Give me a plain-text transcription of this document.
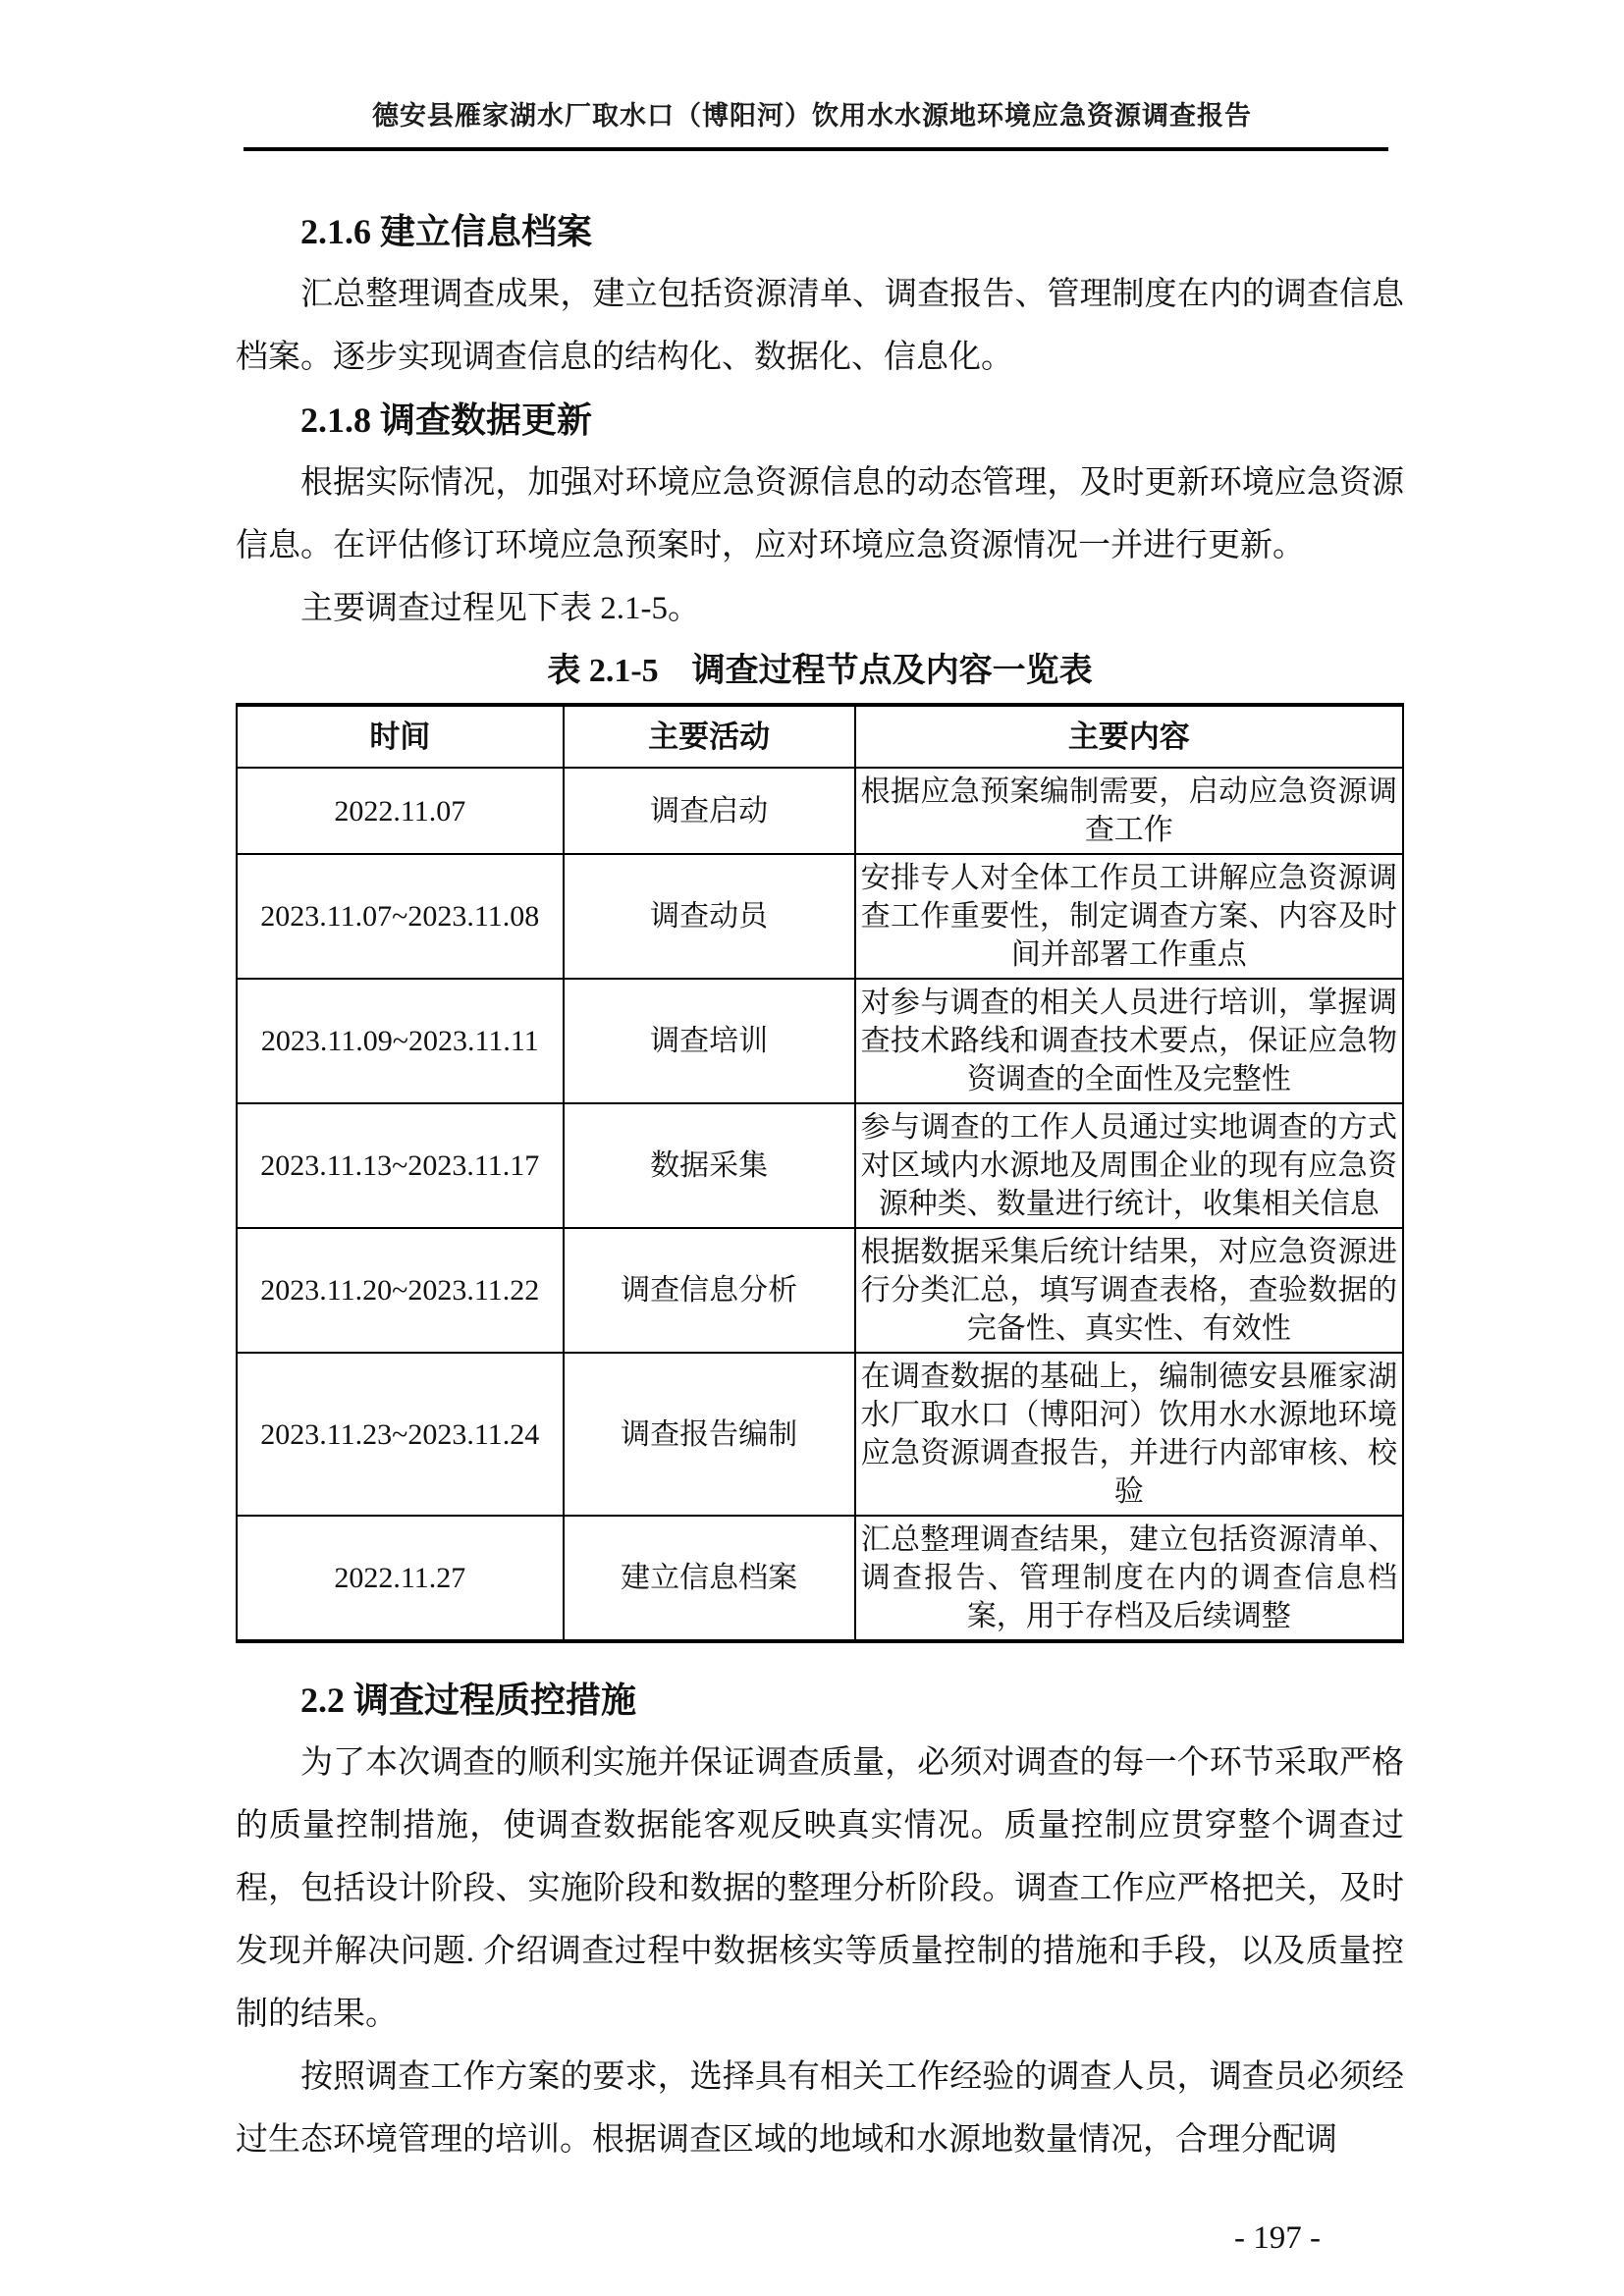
德安县雁家湖水厂取水口（博阳河）饮用水水源地环境应急资源调查报告
2.1.6 建立信息档案

汇总整理调查成果，建立包括资源清单、调查报告、管理制度在内的调查信息档案。逐步实现调查信息的结构化、数据化、信息化。

2.1.8 调查数据更新

根据实际情况，加强对环境应急资源信息的动态管理，及时更新环境应急资源信息。在评估修订环境应急预案时，应对环境应急资源情况一并进行更新。

主要调查过程见下表 2.1-5。

表 2.1-5　调查过程节点及内容一览表
时间	主要活动	主要内容
2022.11.07	调查启动	根据应急预案编制需要，启动应急资源调查工作
2023.11.07~2023.11.08	调查动员	安排专人对全体工作员工讲解应急资源调查工作重要性，制定调查方案、内容及时间并部署工作重点
2023.11.09~2023.11.11	调查培训	对参与调查的相关人员进行培训，掌握调查技术路线和调查技术要点，保证应急物资调查的全面性及完整性
2023.11.13~2023.11.17	数据采集	参与调查的工作人员通过实地调查的方式对区域内水源地及周围企业的现有应急资源种类、数量进行统计，收集相关信息
2023.11.20~2023.11.22	调查信息分析	根据数据采集后统计结果，对应急资源进行分类汇总，填写调查表格，查验数据的完备性、真实性、有效性
2023.11.23~2023.11.24	调查报告编制	在调查数据的基础上，编制德安县雁家湖水厂取水口（博阳河）饮用水水源地环境应急资源调查报告，并进行内部审核、校验
2022.11.27	建立信息档案	汇总整理调查结果，建立包括资源清单、调查报告、管理制度在内的调查信息档案，用于存档及后续调整
2.2 调查过程质控措施

为了本次调查的顺利实施并保证调查质量，必须对调查的每一个环节采取严格的质量控制措施，使调查数据能客观反映真实情况。质量控制应贯穿整个调查过程，包括设计阶段、实施阶段和数据的整理分析阶段。调查工作应严格把关，及时发现并解决问题. 介绍调查过程中数据核实等质量控制的措施和手段，以及质量控制的结果。

按照调查工作方案的要求，选择具有相关工作经验的调查人员，调查员必须经过生态环境管理的培训。根据调查区域的地域和水源地数量情况，合理分配调

- 197 -
